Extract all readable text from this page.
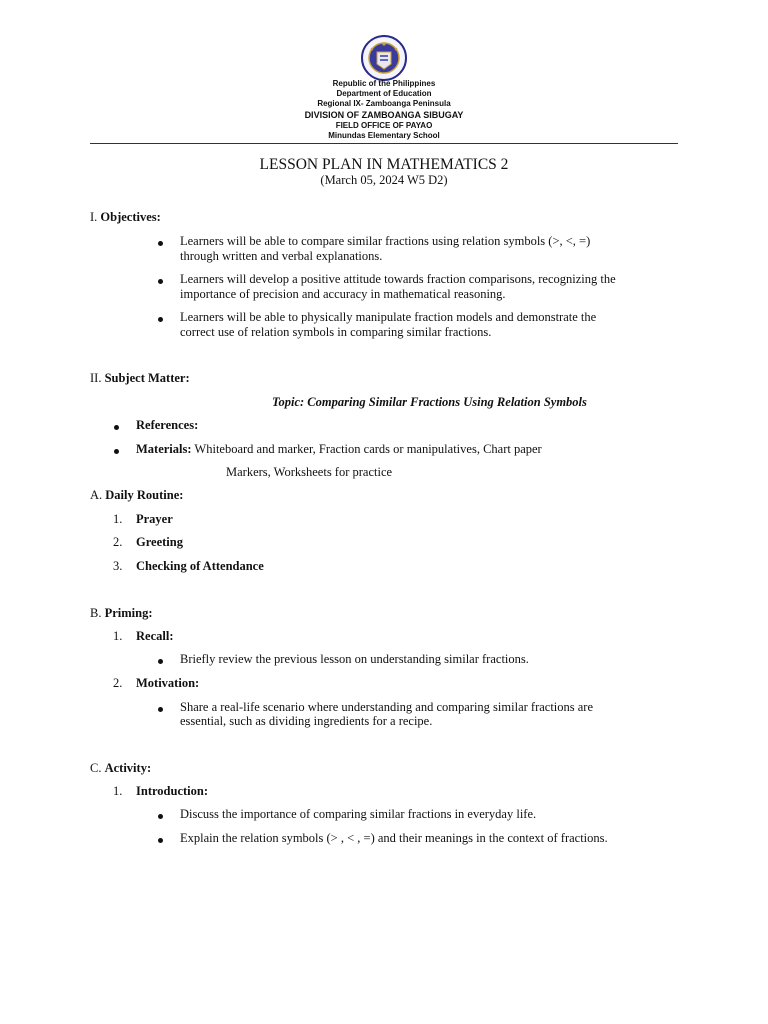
Republic of the Philippines
Department of Education
Regional IX- Zamboanga Peninsula
DIVISION OF ZAMBOANGA SIBUGAY
FIELD OFFICE OF PAYAO
Minundas Elementary School
LESSON PLAN IN MATHEMATICS 2
(March 05, 2024 W5 D2)
I. Objectives:
Learners will be able to compare similar fractions using relation symbols (>, <, =)
through written and verbal explanations.
Learners will develop a positive attitude towards fraction comparisons, recognizing the
importance of precision and accuracy in mathematical reasoning.
Learners will be able to physically manipulate fraction models and demonstrate the
correct use of relation symbols in comparing similar fractions.
II. Subject Matter:
Topic: Comparing Similar Fractions Using Relation Symbols
References:
Materials: Whiteboard and marker, Fraction cards or manipulatives, Chart paper
Markers, Worksheets for practice
A. Daily Routine:
1. Prayer
2. Greeting
3. Checking of Attendance
B. Priming:
1. Recall:
Briefly review the previous lesson on understanding similar fractions.
2. Motivation:
Share a real-life scenario where understanding and comparing similar fractions are
essential, such as dividing ingredients for a recipe.
C. Activity:
1. Introduction:
Discuss the importance of comparing similar fractions in everyday life.
Explain the relation symbols (> , < , =) and their meanings in the context of fractions.
